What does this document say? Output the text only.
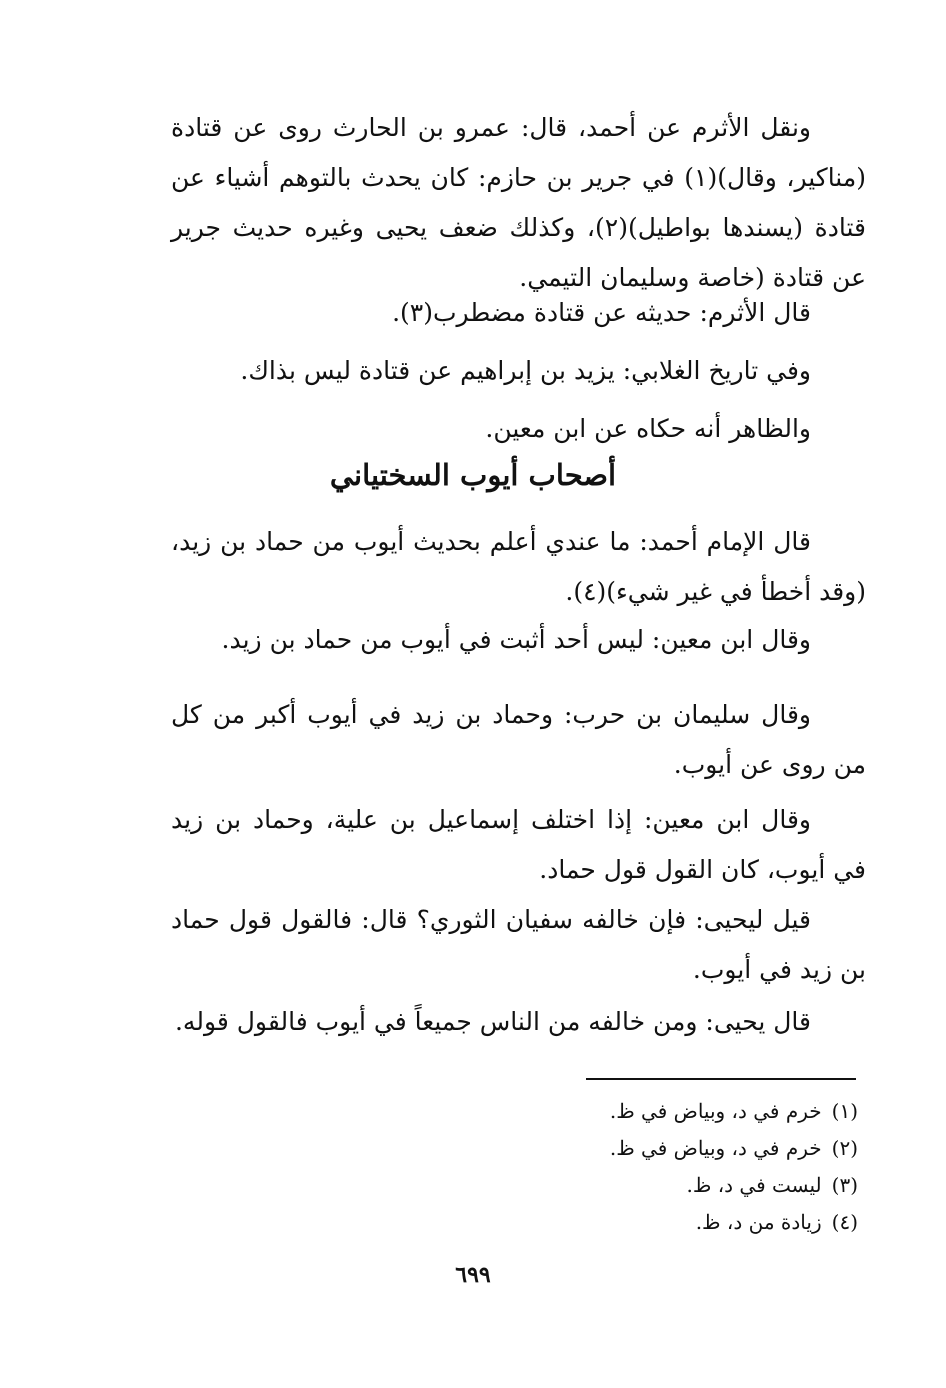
ونقل الأثرم عن أحمد، قال: عمرو بن الحارث روى عن قتادة (مناكير، وقال)(١) في جرير بن حازم: كان يحدث بالتوهم أشياء عن قتادة (يسندها بواطيل)(٢)، وكذلك ضعف يحيى وغيره حديث جرير عن قتادة (خاصة وسليمان التيمي.

قال الأثرم: حديثه عن قتادة مضطرب(٣).

وفي تاريخ الغلابي: يزيد بن إبراهيم عن قتادة ليس بذاك.

والظاهر أنه حكاه عن ابن معين.

أصحاب أيوب السختياني

قال الإمام أحمد: ما عندي أعلم بحديث أيوب من حماد بن زيد، (وقد أخطأ في غير شيء)(٤).

وقال ابن معين: ليس أحد أثبت في أيوب من حماد بن زيد.

وقال سليمان بن حرب: وحماد بن زيد في أيوب أكبر من كل من روى عن أيوب.

وقال ابن معين: إذا اختلف إسماعيل بن علية، وحماد بن زيد في أيوب، كان القول قول حماد.

قيل ليحيى: فإن خالفه سفيان الثوري؟ قال: فالقول قول حماد بن زيد في أيوب.

قال يحيى: ومن خالفه من الناس جميعاً في أيوب فالقول قوله.

(١)خرم في د، وبياض في ظ.

(٢)خرم في د، وبياض في ظ.

(٣)ليست في د، ظ.

(٤)زيادة من د، ظ.

٦٩٩
